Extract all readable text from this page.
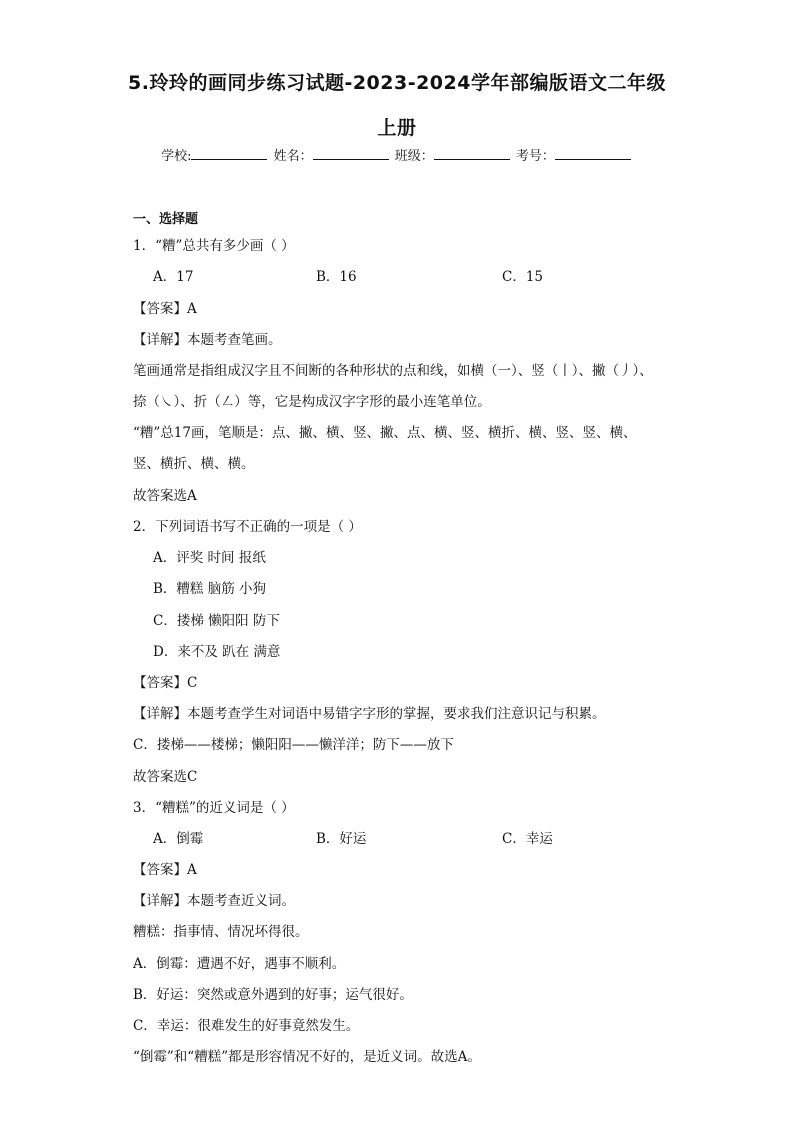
5.玲玲的画同步练习试题-2023-2024学年部编版语文二年级
上册
学校:	姓名：	班级：	考号：
一、选择题
1．“糟”总共有多少画（ ）
A．17	B．16	C．15
【答案】A
【详解】本题考查笔画。
笔画通常是指组成汉字且不间断的各种形状的点和线，如横（一）、竖（丨）、撇（丿）、
捺（㇏）、折（㇜）等，它是构成汉字字形的最小连笔单位。
“糟”总17画，笔顺是：点、撇、横、竖、撇、点、横、竖、横折、横、竖、竖、横、
竖、横折、横、横。
故答案选A
2．下列词语书写不正确的一项是（ ）
A．评奖 时间 报纸
B．糟糕 脑筋 小狗
C．搂梯 懒阳阳 防下
D．来不及 趴在 满意
【答案】C
【详解】本题考查学生对词语中易错字字形的掌握，要求我们注意识记与积累。
C．搂梯——楼梯；懒阳阳——懒洋洋；防下——放下
故答案选C
3．“糟糕”的近义词是（ ）
A．倒霉	B．好运	C．幸运
【答案】A
【详解】本题考查近义词。
糟糕：指事情、情况坏得很。
A．倒霉：遭遇不好，遇事不顺利。
B．好运：突然或意外遇到的好事；运气很好。
C．幸运：很难发生的好事竟然发生。
“倒霉”和“糟糕”都是形容情况不好的，是近义词。故选A。
